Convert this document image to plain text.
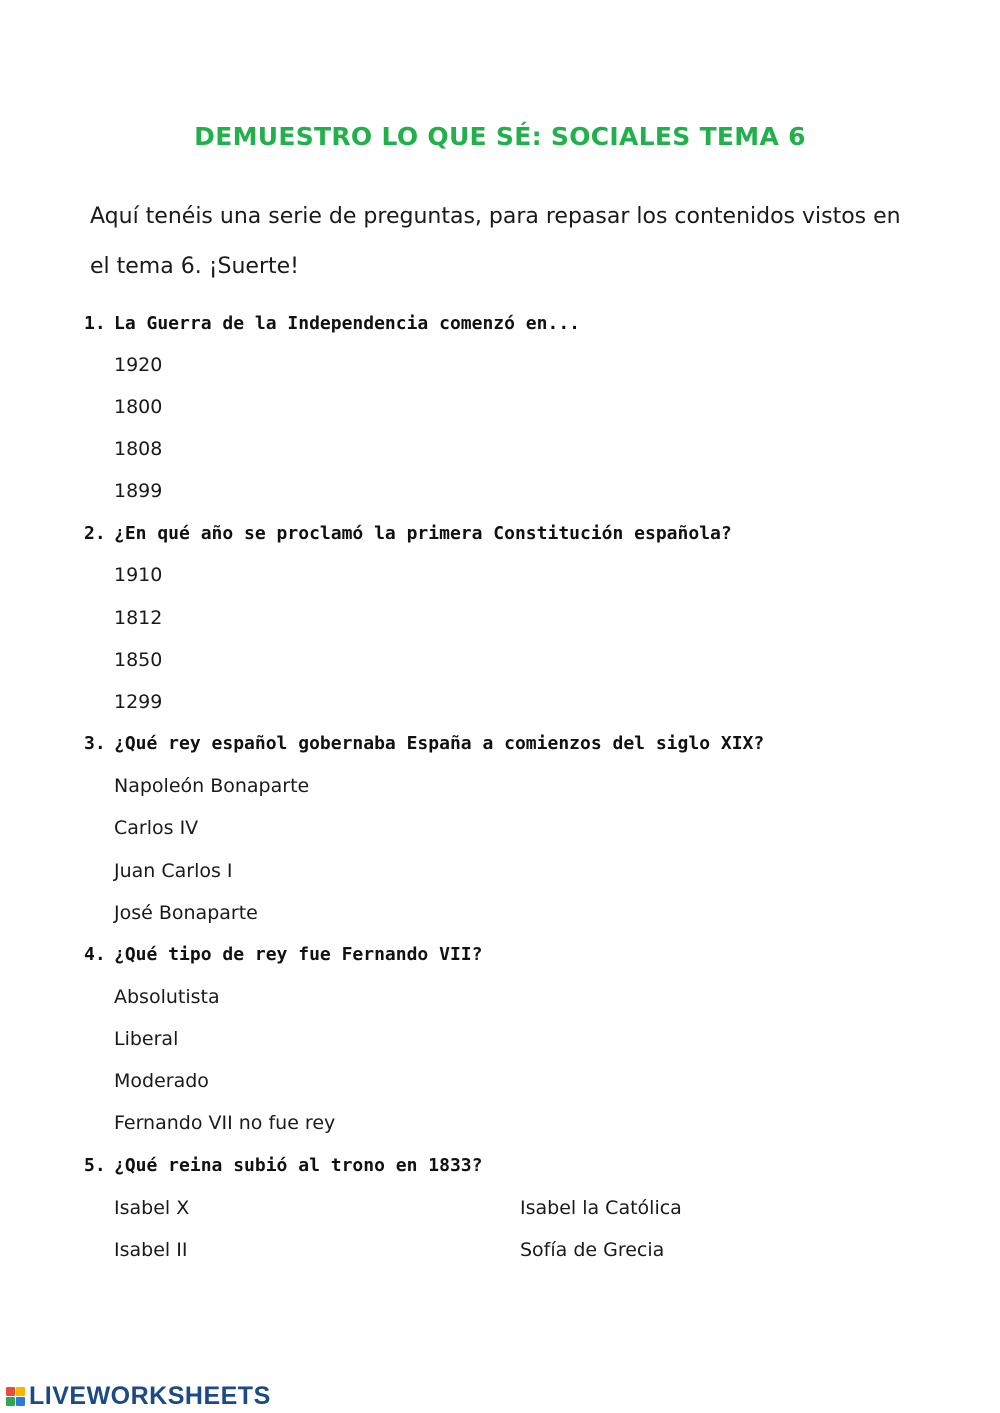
DEMUESTRO LO QUE SÉ: SOCIALES TEMA 6
Aquí tenéis una serie de preguntas, para repasar los contenidos vistos en
el tema 6. ¡Suerte!
1. La Guerra de la Independencia comenzó en...
1920
1800
1808
1899
2. ¿En qué año se proclamó la primera Constitución española?
1910
1812
1850
1299
3. ¿Qué rey español gobernaba España a comienzos del siglo XIX?
Napoleón Bonaparte
Carlos IV
Juan Carlos I
José Bonaparte
4. ¿Qué tipo de rey fue Fernando VII?
Absolutista
Liberal
Moderado
Fernando VII no fue rey
5. ¿Qué reina subió al trono en 1833?
Isabel X	Isabel la Católica
Isabel II	Sofía de Grecia
LIVEWORKSHEETS
